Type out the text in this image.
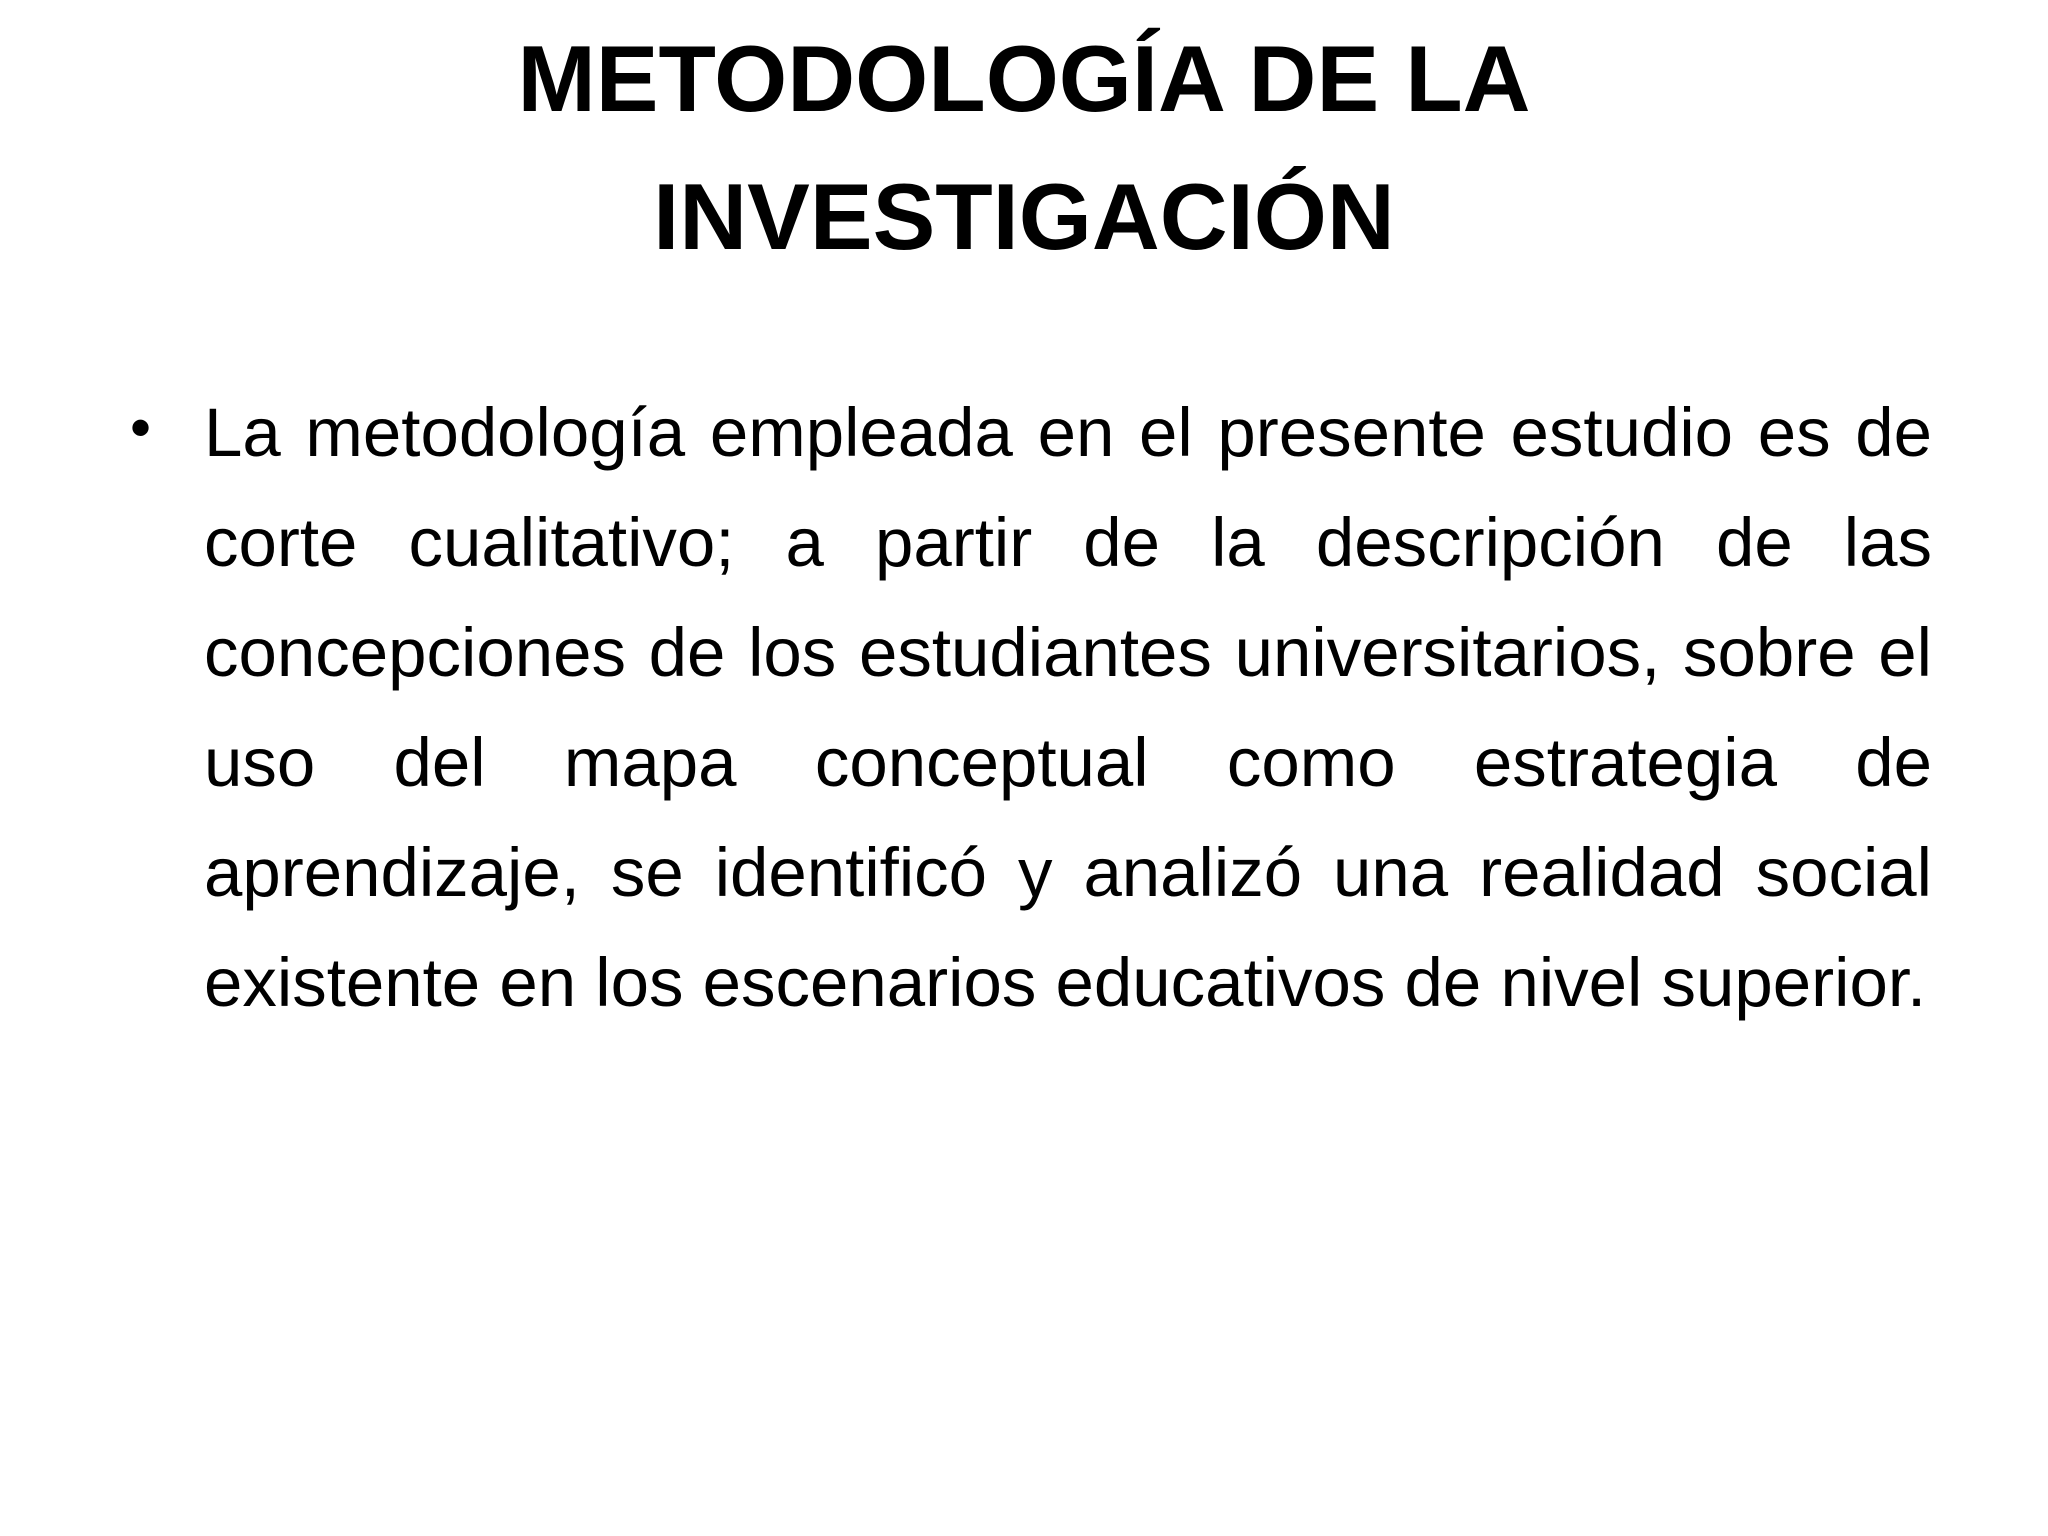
METODOLOGÍA DE LA
INVESTIGACIÓN
• La metodología empleada en el presente estudio es de corte cualitativo; a partir de la descripción de las concepciones de los estudiantes universitarios, sobre el uso del mapa conceptual como estrategia de aprendizaje, se identificó y analizó una realidad social existente en los escenarios educativos de nivel superior.
